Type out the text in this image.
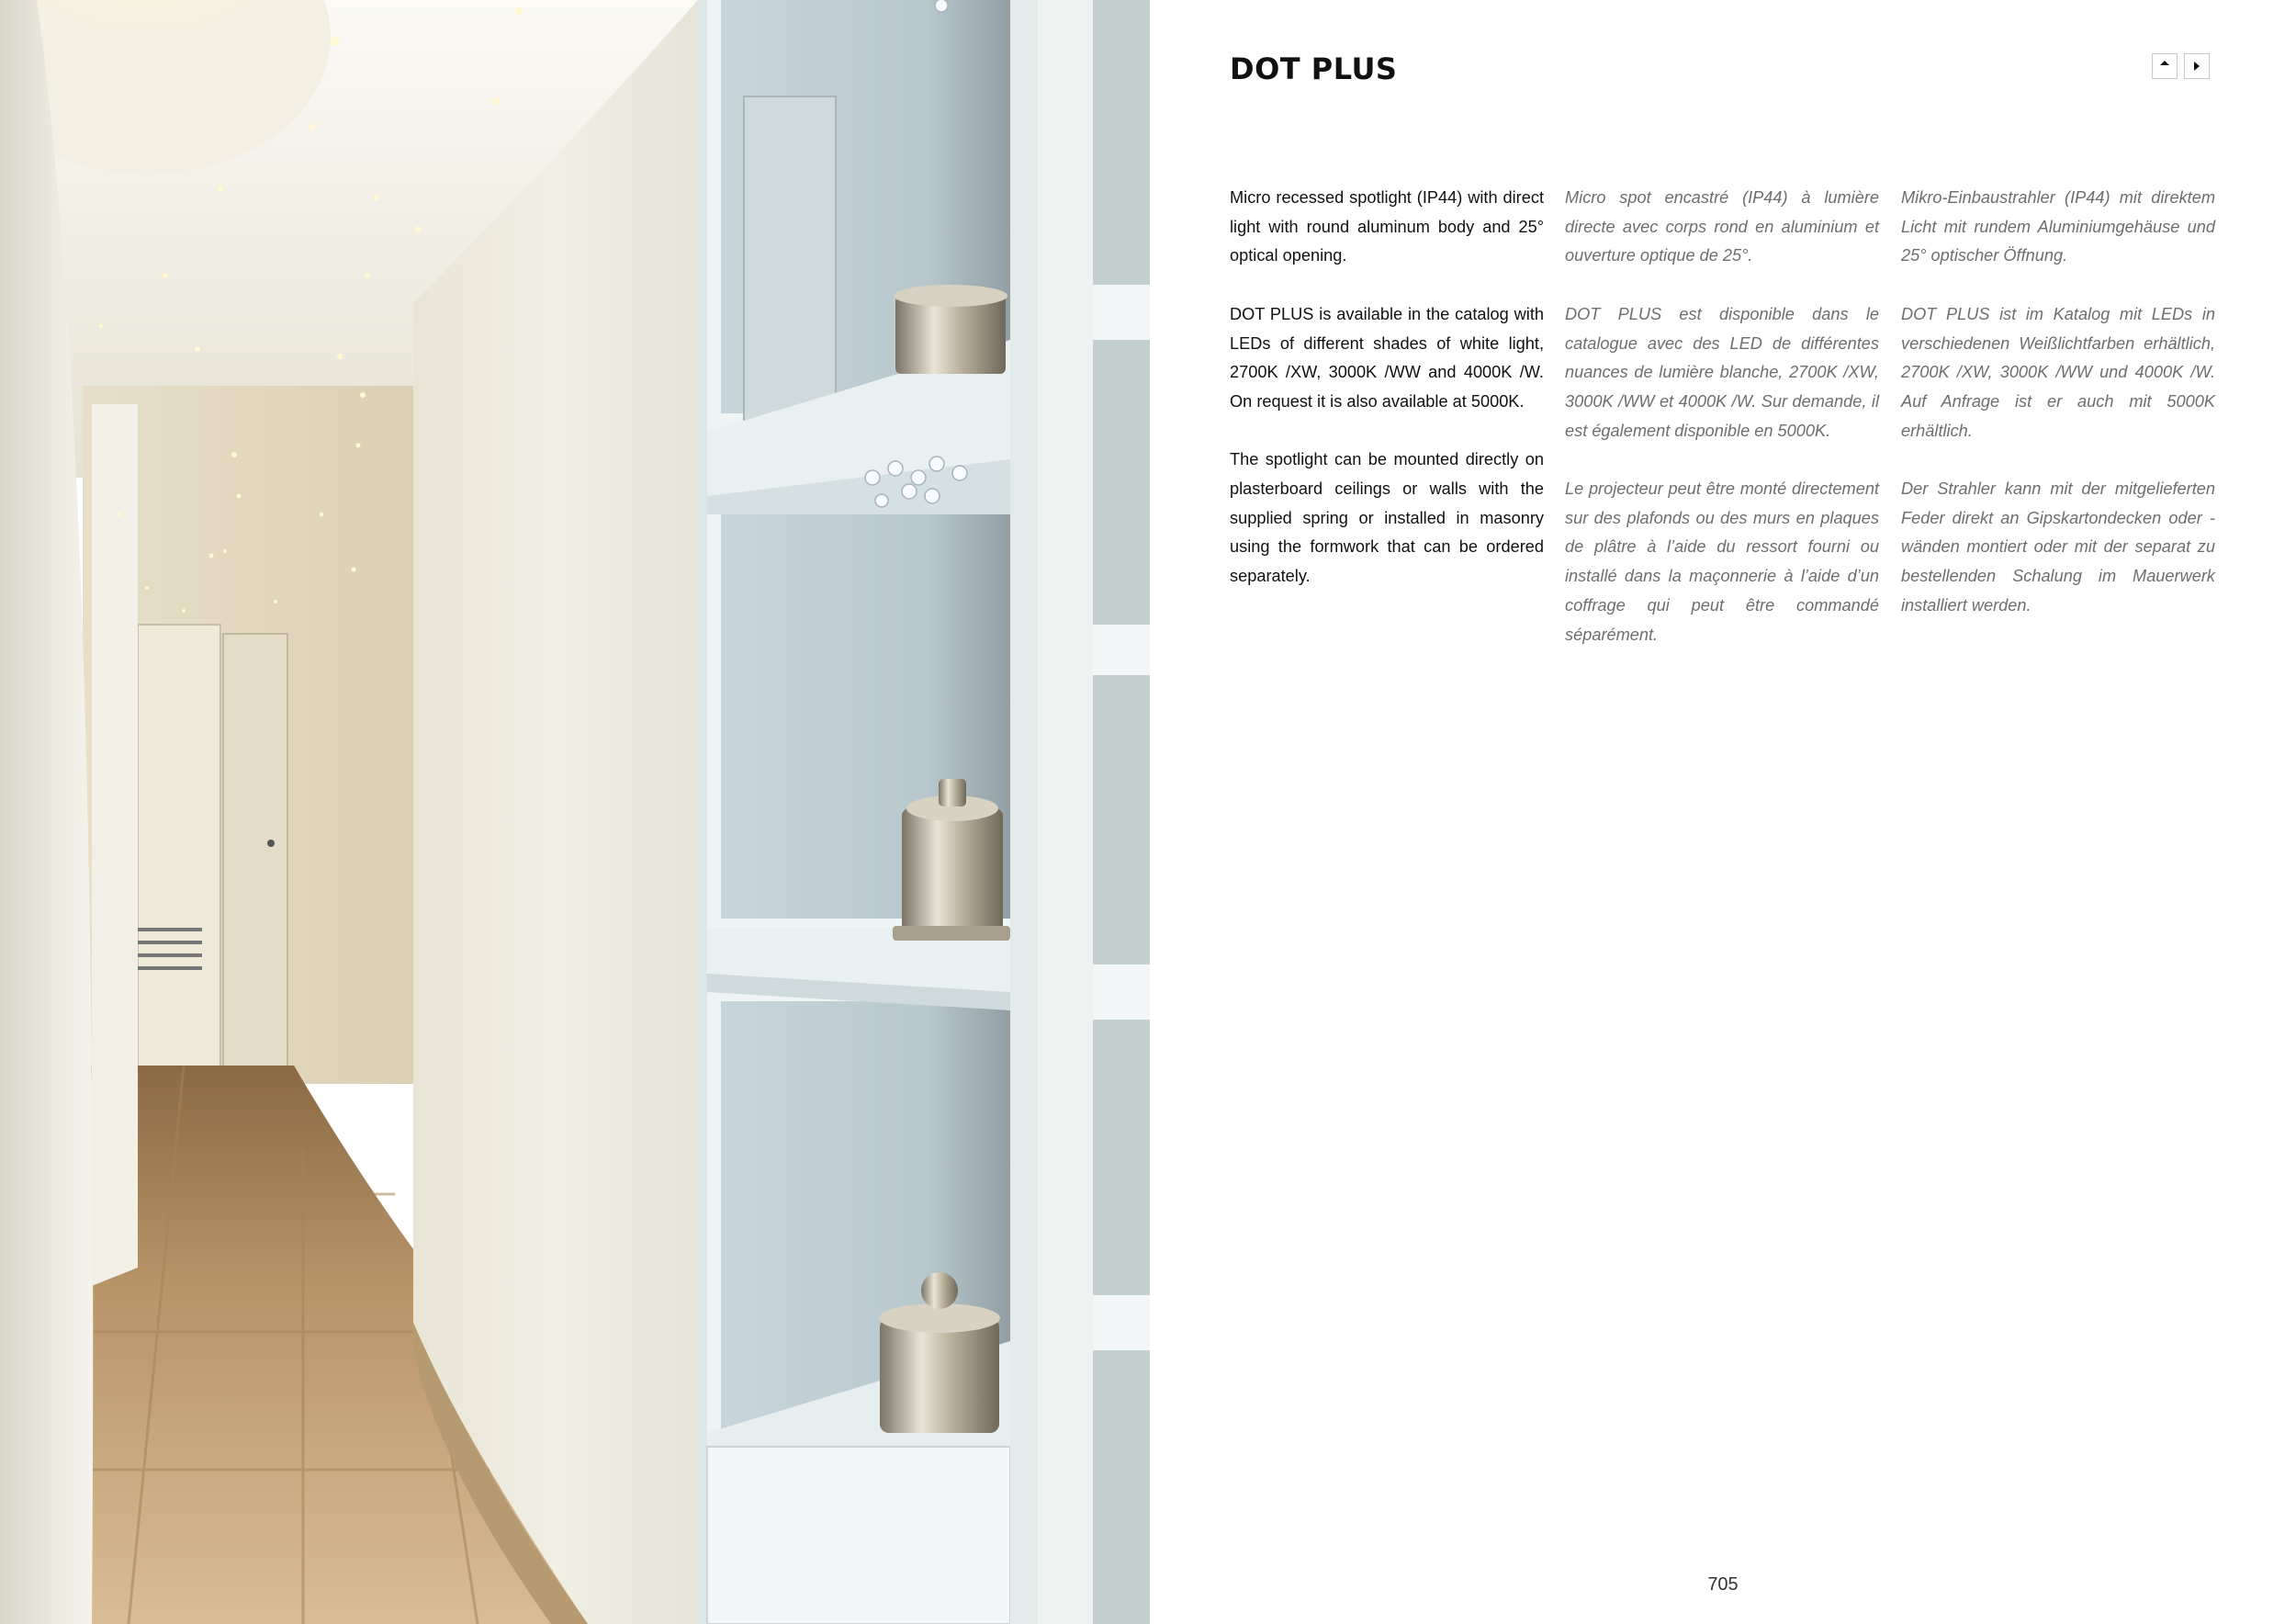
DOT PLUS

Micro recessed spotlight (IP44) with direct light with round aluminum body and 25° optical opening.

DOT PLUS is available in the catalog with LEDs of different shades of white light, 2700K /XW, 3000K /WW and 4000K /W. On request it is also available at 5000K.

The spotlight can be mounted directly on plasterboard ceilings or walls with the supplied spring or installed in masonry using the formwork that can be ordered separately.

Micro spot encastré (IP44) à lumière directe avec corps rond en aluminium et ouverture optique de 25°.

DOT PLUS est disponible dans le catalogue avec des LED de différentes nuances de lumière blanche, 2700K /XW, 3000K /WW et 4000K /W. Sur demande, il est également disponible en 5000K.

Le projecteur peut être monté directement sur des plafonds ou des murs en plaques de plâtre à l’aide du ressort fourni ou installé dans la maçonnerie à l’aide d’un coffrage qui peut être commandé séparément.

Mikro-Einbaustrahler (IP44) mit direktem Licht mit rundem Aluminiumgehäuse und 25° optischer Öffnung.

DOT PLUS ist im Katalog mit LEDs in verschiedenen Weißlichtfarben erhältlich, 2700K /XW, 3000K /WW und 4000K /W. Auf Anfrage ist er auch mit 5000K erhältlich.

Der Strahler kann mit der mitgelieferten Feder direkt an Gipskartondecken oder -wänden montiert oder mit der separat zu bestellenden Schalung im Mauerwerk installiert werden.

705
